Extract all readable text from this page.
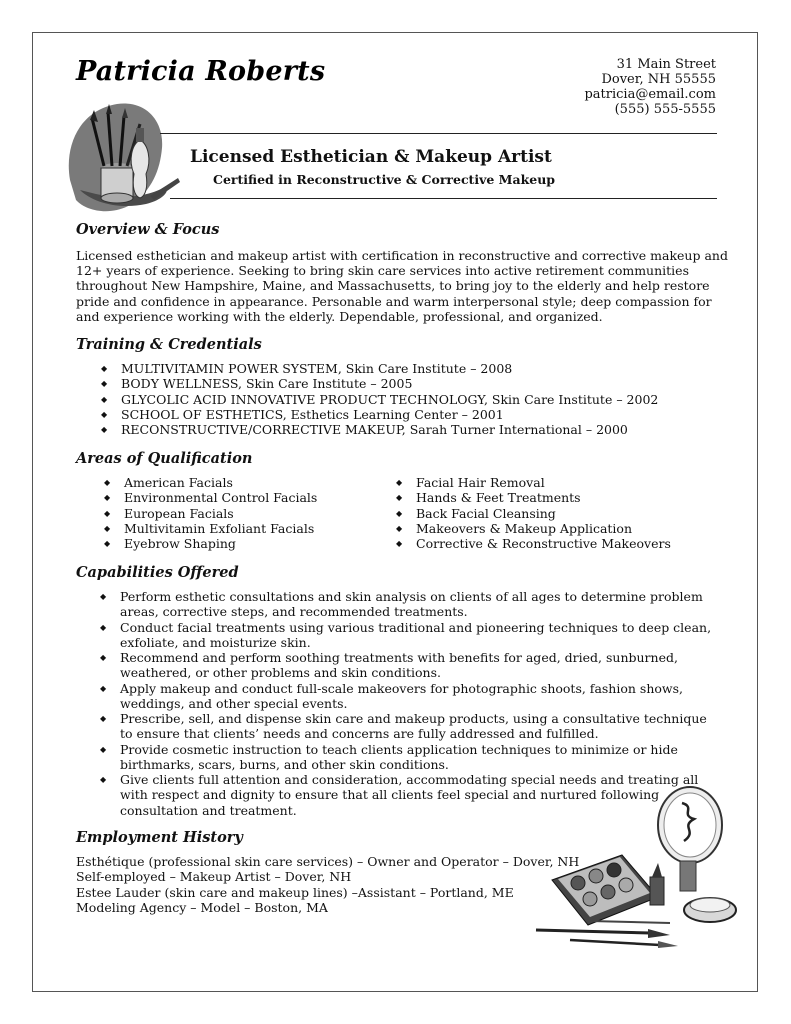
Patricia Roberts	31 Main Street
Dover, NH 55555
patricia@email.com
(555) 555-5555
Licensed Esthetician & Makeup Artist
Certified in Reconstructive & Corrective Makeup
Overview & Focus
Licensed esthetician and makeup artist with certification in reconstructive and corrective makeup and
12+ years of experience. Seeking to bring skin care services into active retirement communities
throughout New Hampshire, Maine, and Massachusetts, to bring joy to the elderly and help restore
pride and confidence in appearance. Personable and warm interpersonal style; deep compassion for
and experience working with the elderly. Dependable, professional, and organized.
Training & Credentials
◆ MULTIVITAMIN POWER SYSTEM, Skin Care Institute – 2008
◆ BODY WELLNESS, Skin Care Institute – 2005
◆ GLYCOLIC ACID INNOVATIVE PRODUCT TECHNOLOGY, Skin Care Institute – 2002
◆ SCHOOL OF ESTHETICS, Esthetics Learning Center – 2001
◆ RECONSTRUCTIVE/CORRECTIVE MAKEUP, Sarah Turner International – 2000
Areas of Qualification
◆ American Facials
◆ Environmental Control Facials
◆ European Facials
◆ Multivitamin Exfoliant Facials
◆ Eyebrow Shaping
◆ Facial Hair Removal
◆ Hands & Feet Treatments
◆ Back Facial Cleansing
◆ Makeovers & Makeup Application
◆ Corrective & Reconstructive Makeovers
Capabilities Offered
◆ Perform esthetic consultations and skin analysis on clients of all ages to determine problem
areas, corrective steps, and recommended treatments.
◆ Conduct facial treatments using various traditional and pioneering techniques to deep clean,
exfoliate, and moisturize skin.
◆ Recommend and perform soothing treatments with benefits for aged, dried, sunburned,
weathered, or other problems and skin conditions.
◆ Apply makeup and conduct full-scale makeovers for photographic shoots, fashion shows,
weddings, and other special events.
◆ Prescribe, sell, and dispense skin care and makeup products, using a consultative technique
to ensure that clients’ needs and concerns are fully addressed and fulfilled.
◆ Provide cosmetic instruction to teach clients application techniques to minimize or hide
birthmarks, scars, burns, and other skin conditions.
◆ Give clients full attention and consideration, accommodating special needs and treating all
with respect and dignity to ensure that all clients feel special and nurtured following
consultation and treatment.
Employment History
Esthétique (professional skin care services) – Owner and Operator – Dover, NH
Self-employed – Makeup Artist – Dover, NH
Estee Lauder (skin care and makeup lines) –Assistant – Portland, ME
Modeling Agency – Model – Boston, MA
